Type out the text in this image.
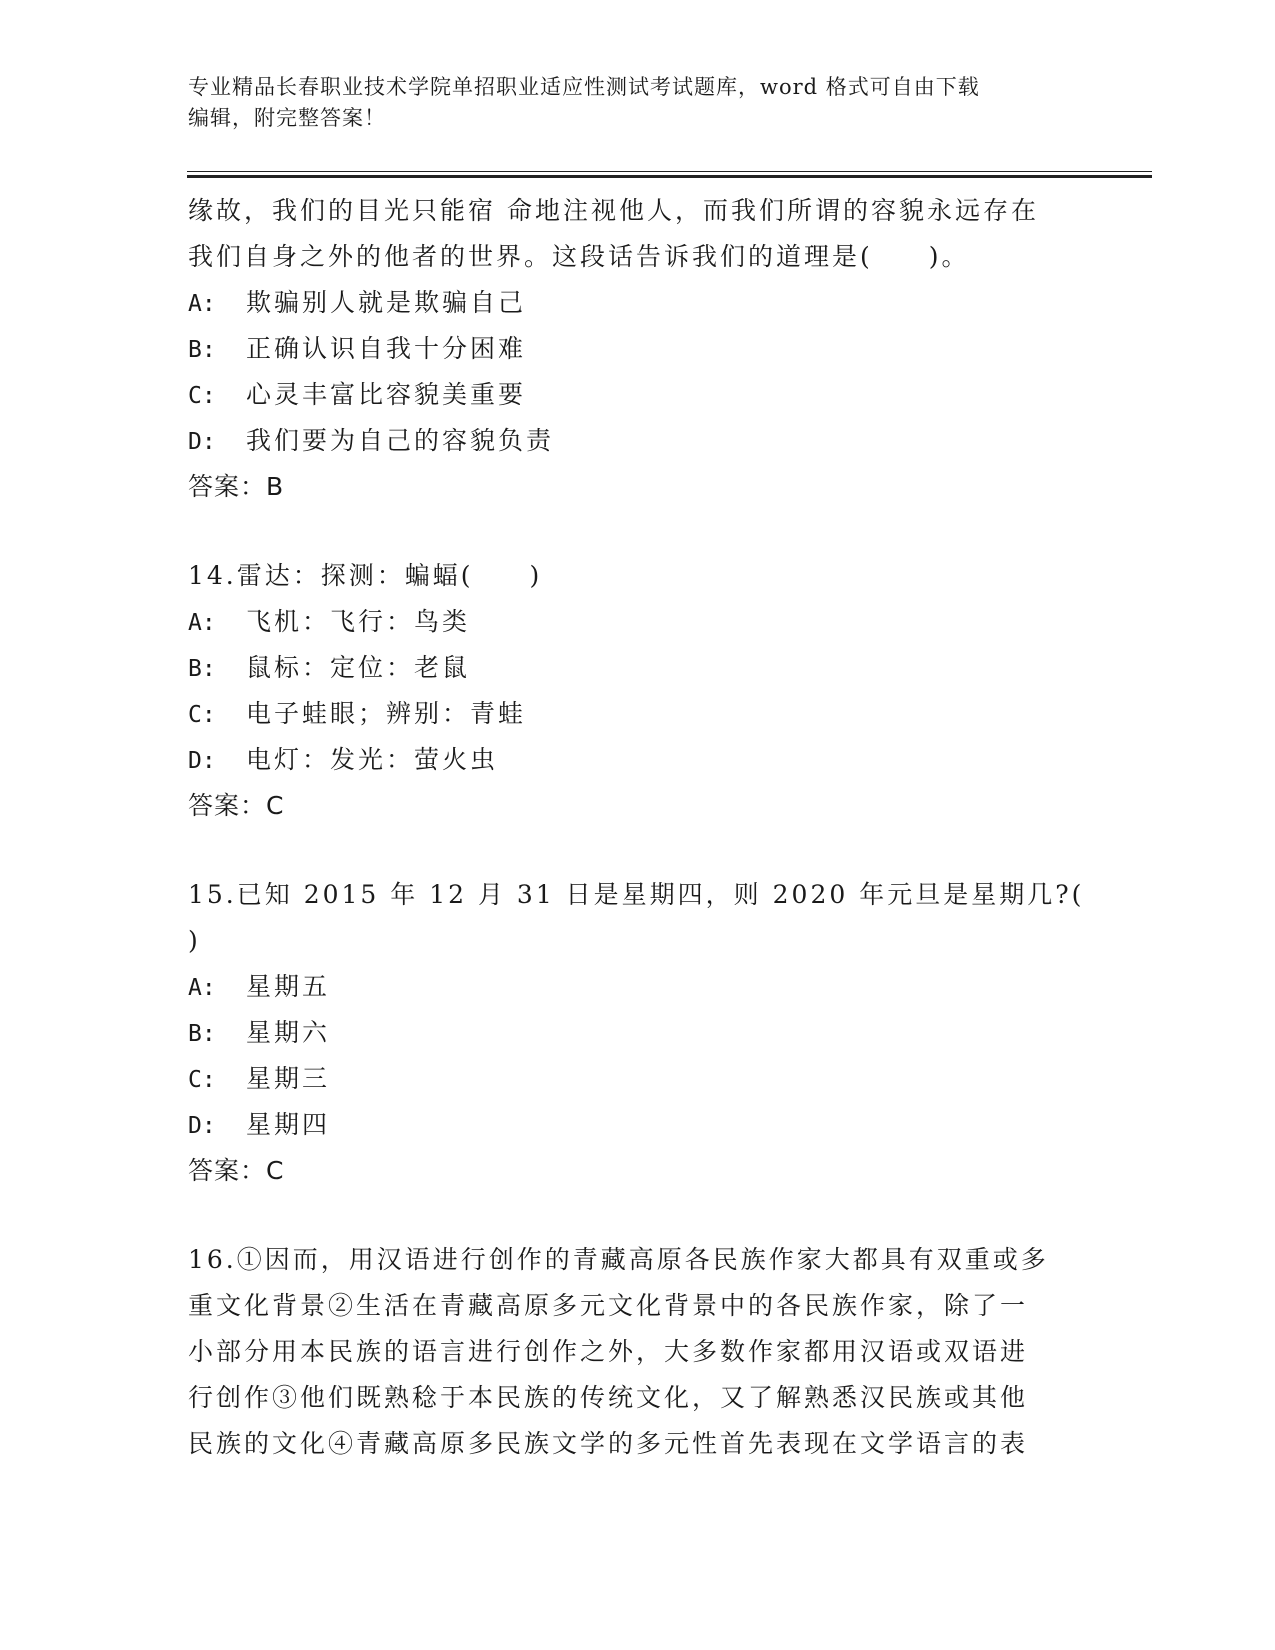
专业精品长春职业技术学院单招职业适应性测试考试题库，word 格式可自由下载
编辑，附完整答案！
缘故，我们的目光只能宿 命地注视他人，而我们所谓的容貌永远存在
我们自身之外的他者的世界。这段话告诉我们的道理是(　　)。
A: 欺骗别人就是欺骗自己
B: 正确认识自我十分困难
C: 心灵丰富比容貌美重要
D: 我们要为自己的容貌负责
答案：B
14.雷达：探测：蝙蝠(　　)
A: 飞机：飞行：鸟类
B: 鼠标：定位：老鼠
C: 电子蛙眼；辨别：青蛙
D: 电灯：发光：萤火虫
答案：C
15.已知 2015 年 12 月 31 日是星期四，则 2020 年元旦是星期几?(
)
A: 星期五
B: 星期六
C: 星期三
D: 星期四
答案：C
16.①因而，用汉语进行创作的青藏高原各民族作家大都具有双重或多
重文化背景②生活在青藏高原多元文化背景中的各民族作家，除了一
小部分用本民族的语言进行创作之外，大多数作家都用汉语或双语进
行创作③他们既熟稔于本民族的传统文化，又了解熟悉汉民族或其他
民族的文化④青藏高原多民族文学的多元性首先表现在文学语言的表
